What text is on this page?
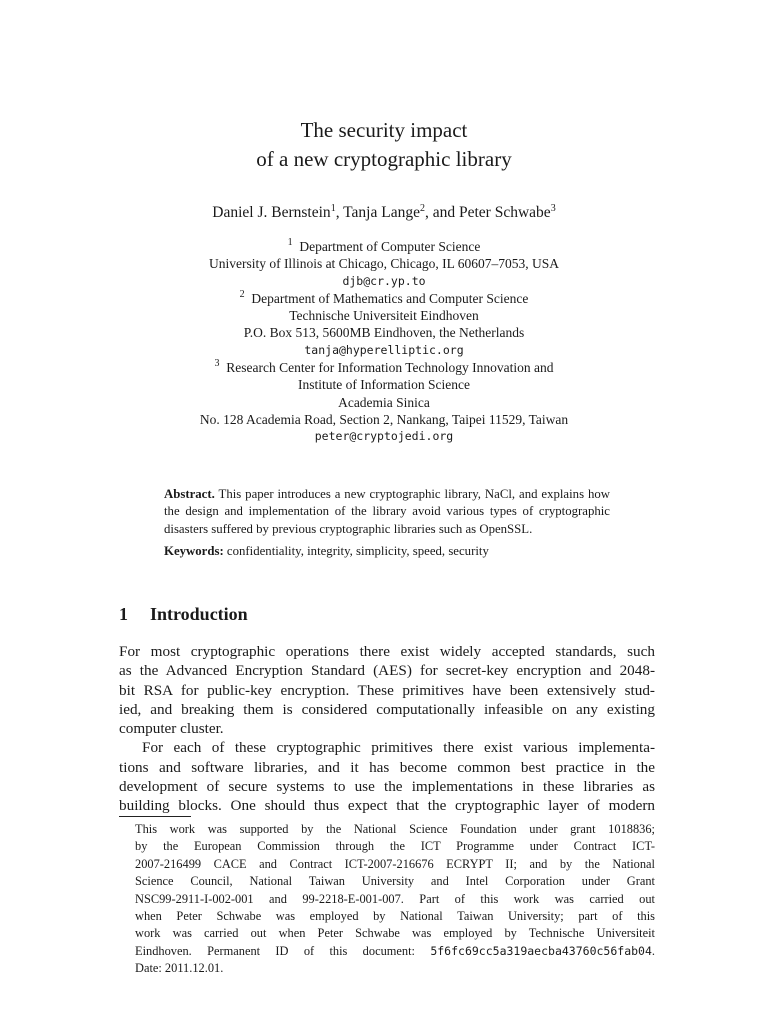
The security impact
of a new cryptographic library
Daniel J. Bernstein$^1$, Tanja Lange$^2$, and Peter Schwabe$^3$
$^1$ Department of Computer Science
University of Illinois at Chicago, Chicago, IL 60607–7053, USA
djb@cr.yp.to
$^2$ Department of Mathematics and Computer Science
Technische Universiteit Eindhoven
P.O. Box 513, 5600MB Eindhoven, the Netherlands
tanja@hyperelliptic.org
$^3$ Research Center for Information Technology Innovation and
Institute of Information Science
Academia Sinica
No. 128 Academia Road, Section 2, Nankang, Taipei 11529, Taiwan
peter@cryptojedi.org

Abstract. This paper introduces a new cryptographic library, NaCl, and explains how the design and implementation of the library avoid various types of cryptographic disasters suffered by previous cryptographic libraries such as OpenSSL.

Keywords: confidentiality, integrity, simplicity, speed, security

1 Introduction
For most cryptographic operations there exist widely accepted standards, such
as the Advanced Encryption Standard (AES) for secret-key encryption and 2048-
bit RSA for public-key encryption. These primitives have been extensively stud-
ied, and breaking them is considered computationally infeasible on any existing
computer cluster.
For each of these cryptographic primitives there exist various implementa-
tions and software libraries, and it has become common best practice in the
development of secure systems to use the implementations in these libraries as
building blocks. One should thus expect that the cryptographic layer of modern
This work was supported by the National Science Foundation under grant 1018836;
by the European Commission through the ICT Programme under Contract ICT-
2007-216499 CACE and Contract ICT-2007-216676 ECRYPT II; and by the National
Science Council, National Taiwan University and Intel Corporation under Grant
NSC99-2911-I-002-001 and 99-2218-E-001-007. Part of this work was carried out
when Peter Schwabe was employed by National Taiwan University; part of this
work was carried out when Peter Schwabe was employed by Technische Universiteit
Eindhoven. Permanent ID of this document: 5f6fc69cc5a319aecba43760c56fab04.
Date: 2011.12.01.
